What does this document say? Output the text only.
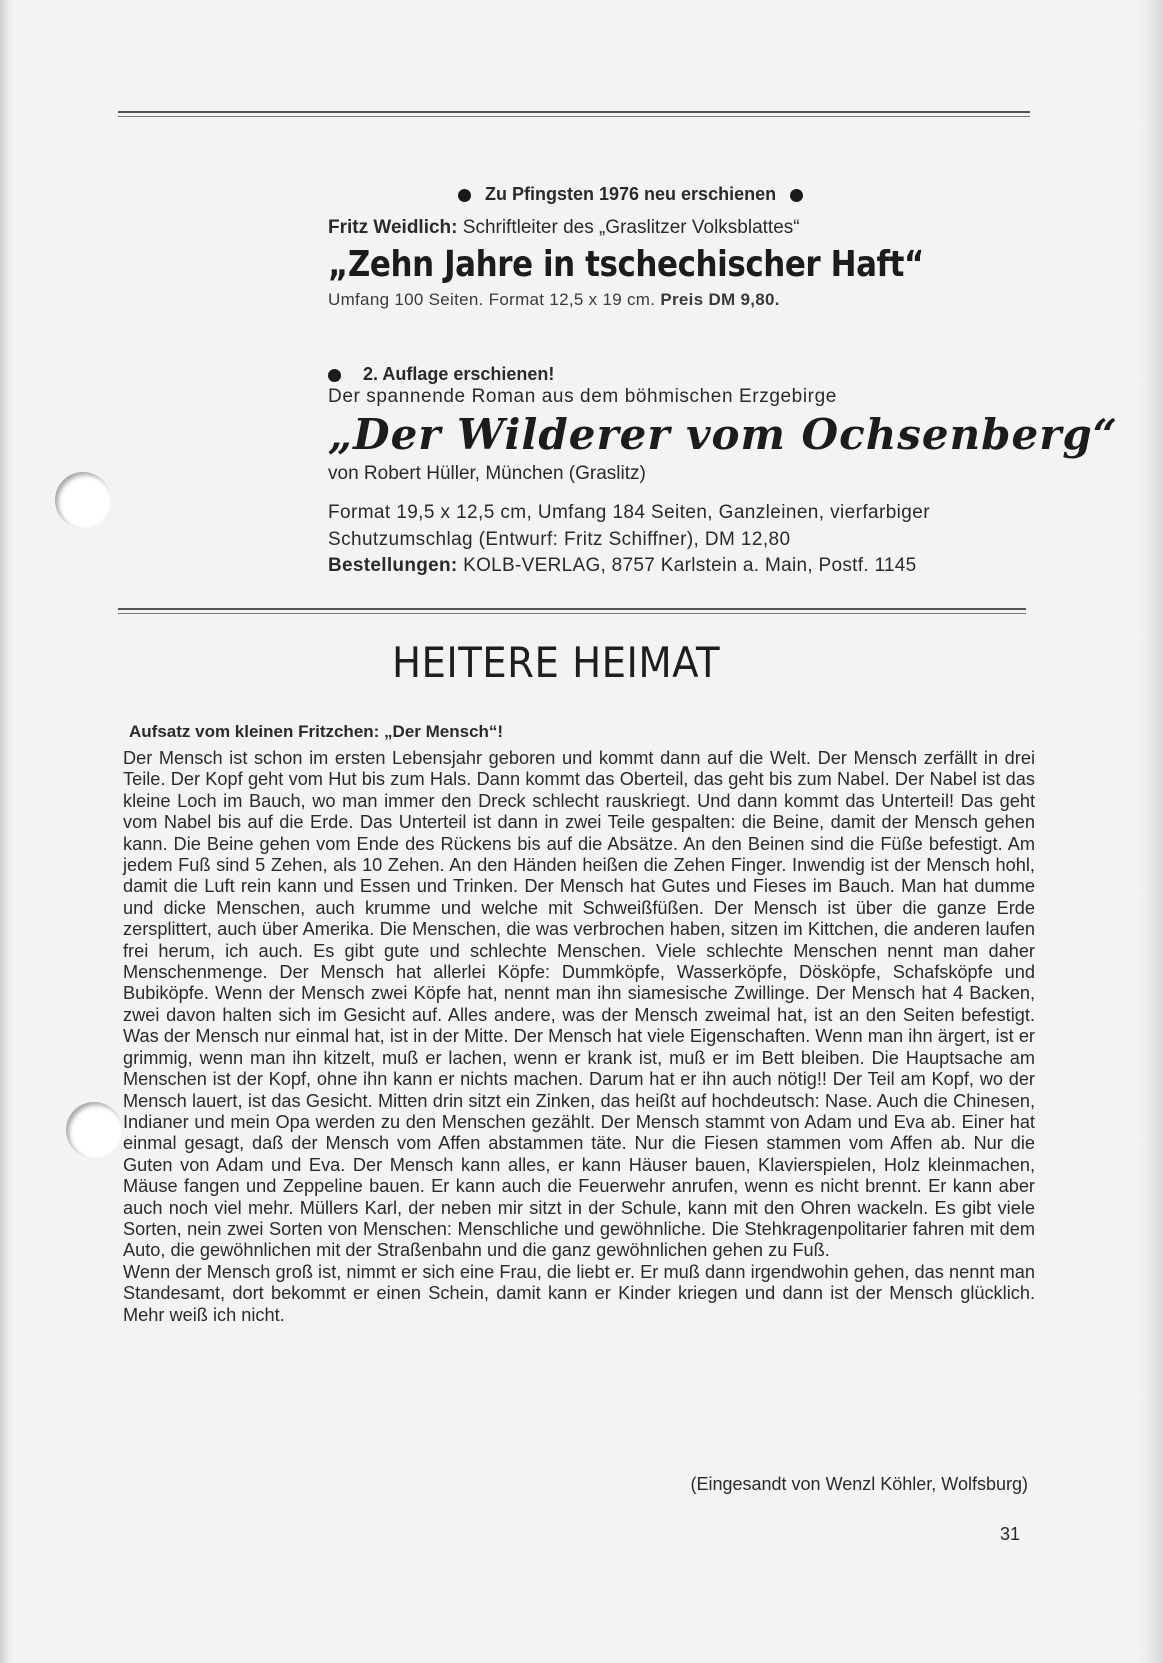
Zu Pfingsten 1976 neu erschienen
Fritz Weidlich: Schriftleiter des „Graslitzer Volksblattes“
„Zehn Jahre in tschechischer Haft“
Umfang 100 Seiten. Format 12,5 x 19 cm. Preis DM 9,80.
2. Auflage erschienen!
Der spannende Roman aus dem böhmischen Erzgebirge
„Der Wilderer vom Ochsenberg“
von Robert Hüller, München (Graslitz)
Format 19,5 x 12,5 cm, Umfang 184 Seiten, Ganzleinen, vierfarbiger Schutzumschlag (Entwurf: Fritz Schiffner), DM 12,80
Bestellungen: KOLB-VERLAG, 8757 Karlstein a. Main, Postf. 1145
HEITERE HEIMAT
Aufsatz vom kleinen Fritzchen: „Der Mensch“!

Der Mensch ist schon im ersten Lebensjahr geboren und kommt dann auf die Welt. Der Mensch zerfällt in drei Teile. Der Kopf geht vom Hut bis zum Hals. Dann kommt das Oberteil, das geht bis zum Nabel. Der Nabel ist das kleine Loch im Bauch, wo man immer den Dreck schlecht rauskriegt. Und dann kommt das Unterteil! Das geht vom Nabel bis auf die Erde. Das Unterteil ist dann in zwei Teile gespalten: die Beine, damit der Mensch gehen kann. Die Beine gehen vom Ende des Rückens bis auf die Absätze. An den Beinen sind die Füße befestigt. Am jedem Fuß sind 5 Zehen, als 10 Zehen. An den Händen heißen die Zehen Finger. Inwendig ist der Mensch hohl, damit die Luft rein kann und Essen und Trinken. Der Mensch hat Gutes und Fieses im Bauch. Man hat dumme und dicke Menschen, auch krumme und welche mit Schweißfüßen. Der Mensch ist über die ganze Erde zersplittert, auch über Amerika. Die Menschen, die was verbrochen haben, sitzen im Kittchen, die anderen laufen frei herum, ich auch. Es gibt gute und schlechte Menschen. Viele schlechte Menschen nennt man daher Menschenmenge. Der Mensch hat allerlei Köpfe: Dummköpfe, Wasserköpfe, Dösköpfe, Schafsköpfe und Bubiköpfe. Wenn der Mensch zwei Köpfe hat, nennt man ihn siamesische Zwillinge. Der Mensch hat 4 Backen, zwei davon halten sich im Gesicht auf. Alles andere, was der Mensch zweimal hat, ist an den Seiten befestigt. Was der Mensch nur einmal hat, ist in der Mitte. Der Mensch hat viele Eigenschaften. Wenn man ihn ärgert, ist er grimmig, wenn man ihn kitzelt, muß er lachen, wenn er krank ist, muß er im Bett bleiben. Die Hauptsache am Menschen ist der Kopf, ohne ihn kann er nichts machen. Darum hat er ihn auch nötig!! Der Teil am Kopf, wo der Mensch lauert, ist das Gesicht. Mitten drin sitzt ein Zinken, das heißt auf hochdeutsch: Nase. Auch die Chinesen, Indianer und mein Opa werden zu den Menschen gezählt. Der Mensch stammt von Adam und Eva ab. Einer hat einmal gesagt, daß der Mensch vom Affen abstammen täte. Nur die Fiesen stammen vom Affen ab. Nur die Guten von Adam und Eva. Der Mensch kann alles, er kann Häuser bauen, Klavierspielen, Holz kleinmachen, Mäuse fangen und Zeppeline bauen. Er kann auch die Feuerwehr anrufen, wenn es nicht brennt. Er kann aber auch noch viel mehr. Müllers Karl, der neben mir sitzt in der Schule, kann mit den Ohren wackeln. Es gibt viele Sorten, nein zwei Sorten von Menschen: Menschliche und gewöhnliche. Die Stehkragenpolitarier fahren mit dem Auto, die gewöhnlichen mit der Straßenbahn und die ganz gewöhnlichen gehen zu Fuß.

Wenn der Mensch groß ist, nimmt er sich eine Frau, die liebt er. Er muß dann irgendwohin gehen, das nennt man Standesamt, dort bekommt er einen Schein, damit kann er Kinder kriegen und dann ist der Mensch glücklich. Mehr weiß ich nicht.

(Eingesandt von Wenzl Köhler, Wolfsburg)
31
